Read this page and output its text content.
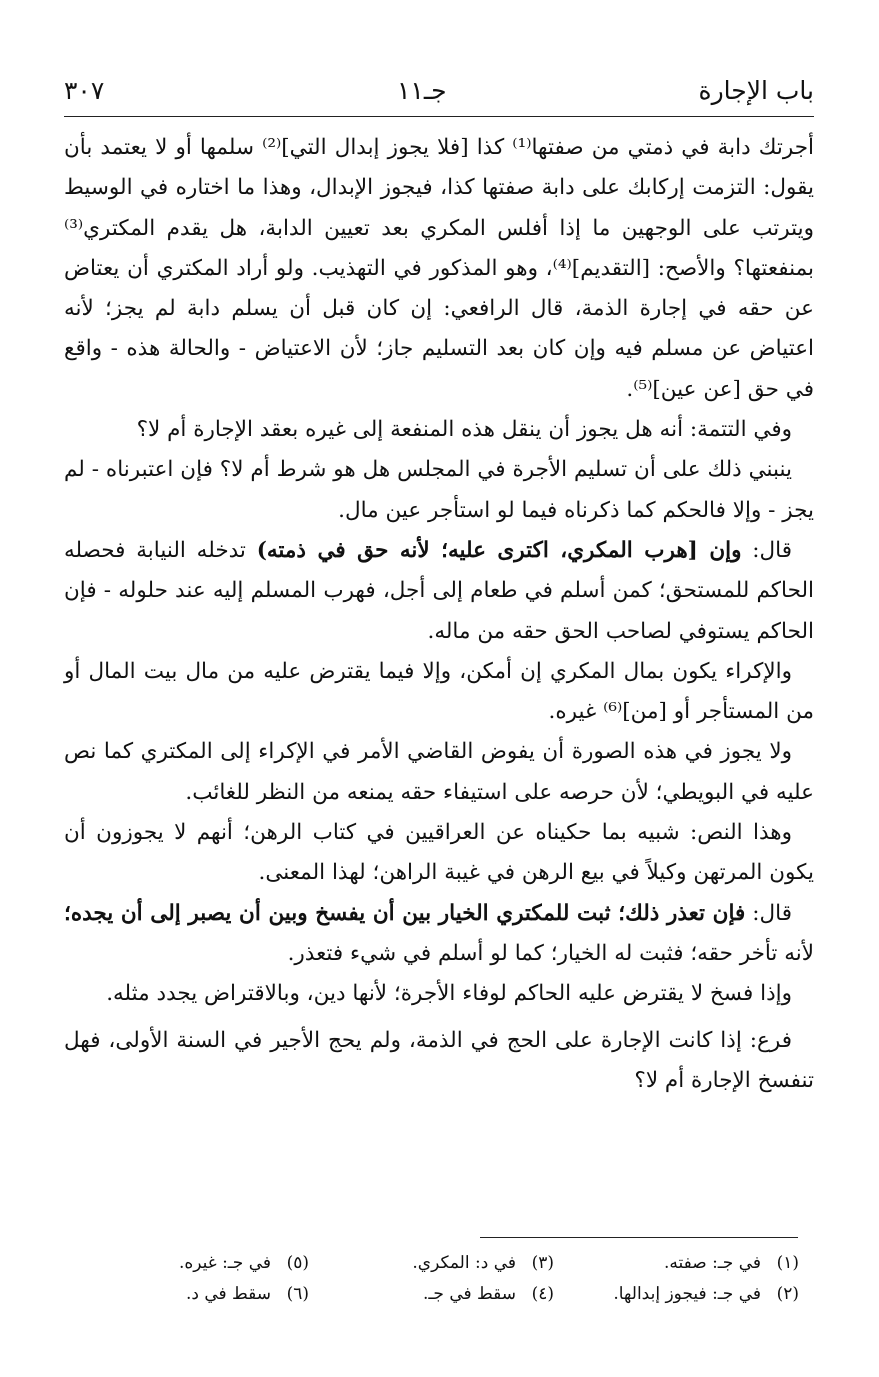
باب الإجارة
جـ١١
٣٠٧

أجرتك دابة في ذمتي من صفتها⁽¹⁾ كذا [فلا يجوز إبدال التي]⁽²⁾ سلمها أو لا يعتمد بأن يقول: التزمت إركابك على دابة صفتها كذا، فيجوز الإبدال، وهذا ما اختاره في الوسيط ويترتب على الوجهين ما إذا أفلس المكري بعد تعيين الدابة، هل يقدم المكتري⁽³⁾ بمنفعتها؟ والأصح: [التقديم]⁽⁴⁾، وهو المذكور في التهذيب. ولو أراد المكتري أن يعتاض عن حقه في إجارة الذمة، قال الرافعي: إن كان قبل أن يسلم دابة لم يجز؛ لأنه اعتياض عن مسلم فيه وإن كان بعد التسليم جاز؛ لأن الاعتياض - والحالة هذه - واقع في حق [عن عين]⁽⁵⁾.

وفي التتمة: أنه هل يجوز أن ينقل هذه المنفعة إلى غيره بعقد الإجارة أم لا؟

ينبني ذلك على أن تسليم الأجرة في المجلس هل هو شرط أم لا؟ فإن اعتبرناه - لم يجز - وإلا فالحكم كما ذكرناه فيما لو استأجر عين مال.

قال: وإن [هرب المكري، اكترى عليه؛ لأنه حق في ذمته) تدخله النيابة فحصله الحاكم للمستحق؛ كمن أسلم في طعام إلى أجل، فهرب المسلم إليه عند حلوله - فإن الحاكم يستوفي لصاحب الحق حقه من ماله.

والإكراء يكون بمال المكري إن أمكن، وإلا فيما يقترض عليه من مال بيت المال أو من المستأجر أو [من]⁽⁶⁾ غيره.

ولا يجوز في هذه الصورة أن يفوض القاضي الأمر في الإكراء إلى المكتري كما نص عليه في البويطي؛ لأن حرصه على استيفاء حقه يمنعه من النظر للغائب.

وهذا النص: شبيه بما حكيناه عن العراقيين في كتاب الرهن؛ أنهم لا يجوزون أن يكون المرتهن وكيلاً في بيع الرهن في غيبة الراهن؛ لهذا المعنى.

قال: فإن تعذر ذلك؛ ثبت للمكتري الخيار بين أن يفسخ وبين أن يصبر إلى أن يجده؛ لأنه تأخر حقه؛ فثبت له الخيار؛ كما لو أسلم في شيء فتعذر.

وإذا فسخ لا يقترض عليه الحاكم لوفاء الأجرة؛ لأنها دين، وبالاقتراض يجدد مثله.

فرع: إذا كانت الإجارة على الحج في الذمة، ولم يحج الأجير في السنة الأولى، فهل تنفسخ الإجارة أم لا؟

(١)في جـ: صفته.
(٣)في د: المكري.
(٥)في جـ: غيره.
(٢)في جـ: فيجوز إبدالها.
(٤)سقط في جـ.
(٦)سقط في د.
